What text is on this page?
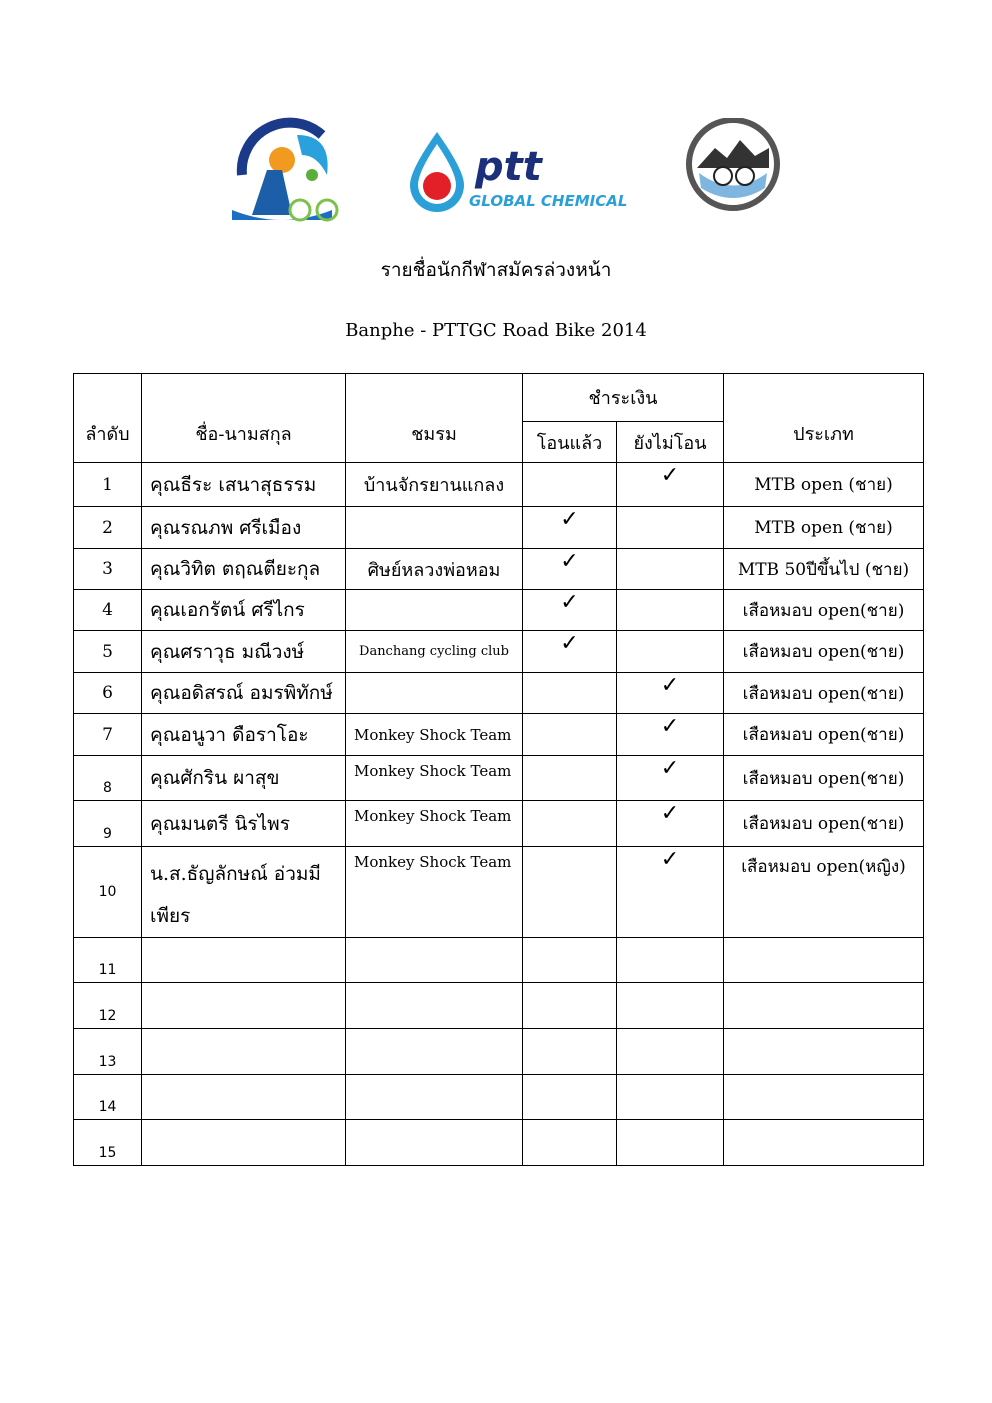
ptt
GLOBAL CHEMICAL
รายชื่อนักกีฬาสมัครล่วงหน้า
Banphe - PTTGC Road Bike 2014
ลำดับ	ชื่อ-นามสกุล	ชมรม	ชำระเงิน		ประเภท
			โอนแล้ว	ยังไม่โอน	
1	คุณธีระ เสนาสุธรรม	บ้านจักรยานแกลง		✓	MTB open (ชาย)
2	คุณรณภพ ศรีเมือง		✓		MTB open (ชาย)
3	คุณวิทิต ตฤณตียะกุล	ศิษย์หลวงพ่อหอม	✓		MTB 50ปีขึ้นไป (ชาย)
4	คุณเอกรัตน์ ศรีไกร		✓		เสือหมอบ open(ชาย)
5	คุณศราวุธ มณีวงษ์	Danchang cycling club	✓		เสือหมอบ open(ชาย)
6	คุณอดิสรณ์ อมรพิทักษ์			✓	เสือหมอบ open(ชาย)
7	คุณอนูวา ดือราโอะ	Monkey Shock Team		✓	เสือหมอบ open(ชาย)
8	คุณศักริน ผาสุข	Monkey Shock Team		✓	เสือหมอบ open(ชาย)
9	คุณมนตรี นิรไพร	Monkey Shock Team		✓	เสือหมอบ open(ชาย)
10	น.ส.ธัญลักษณ์ อ่วมมี เพียร	Monkey Shock Team		✓	เสือหมอบ open(หญิง)
11					
12					
13					
14					
15					
